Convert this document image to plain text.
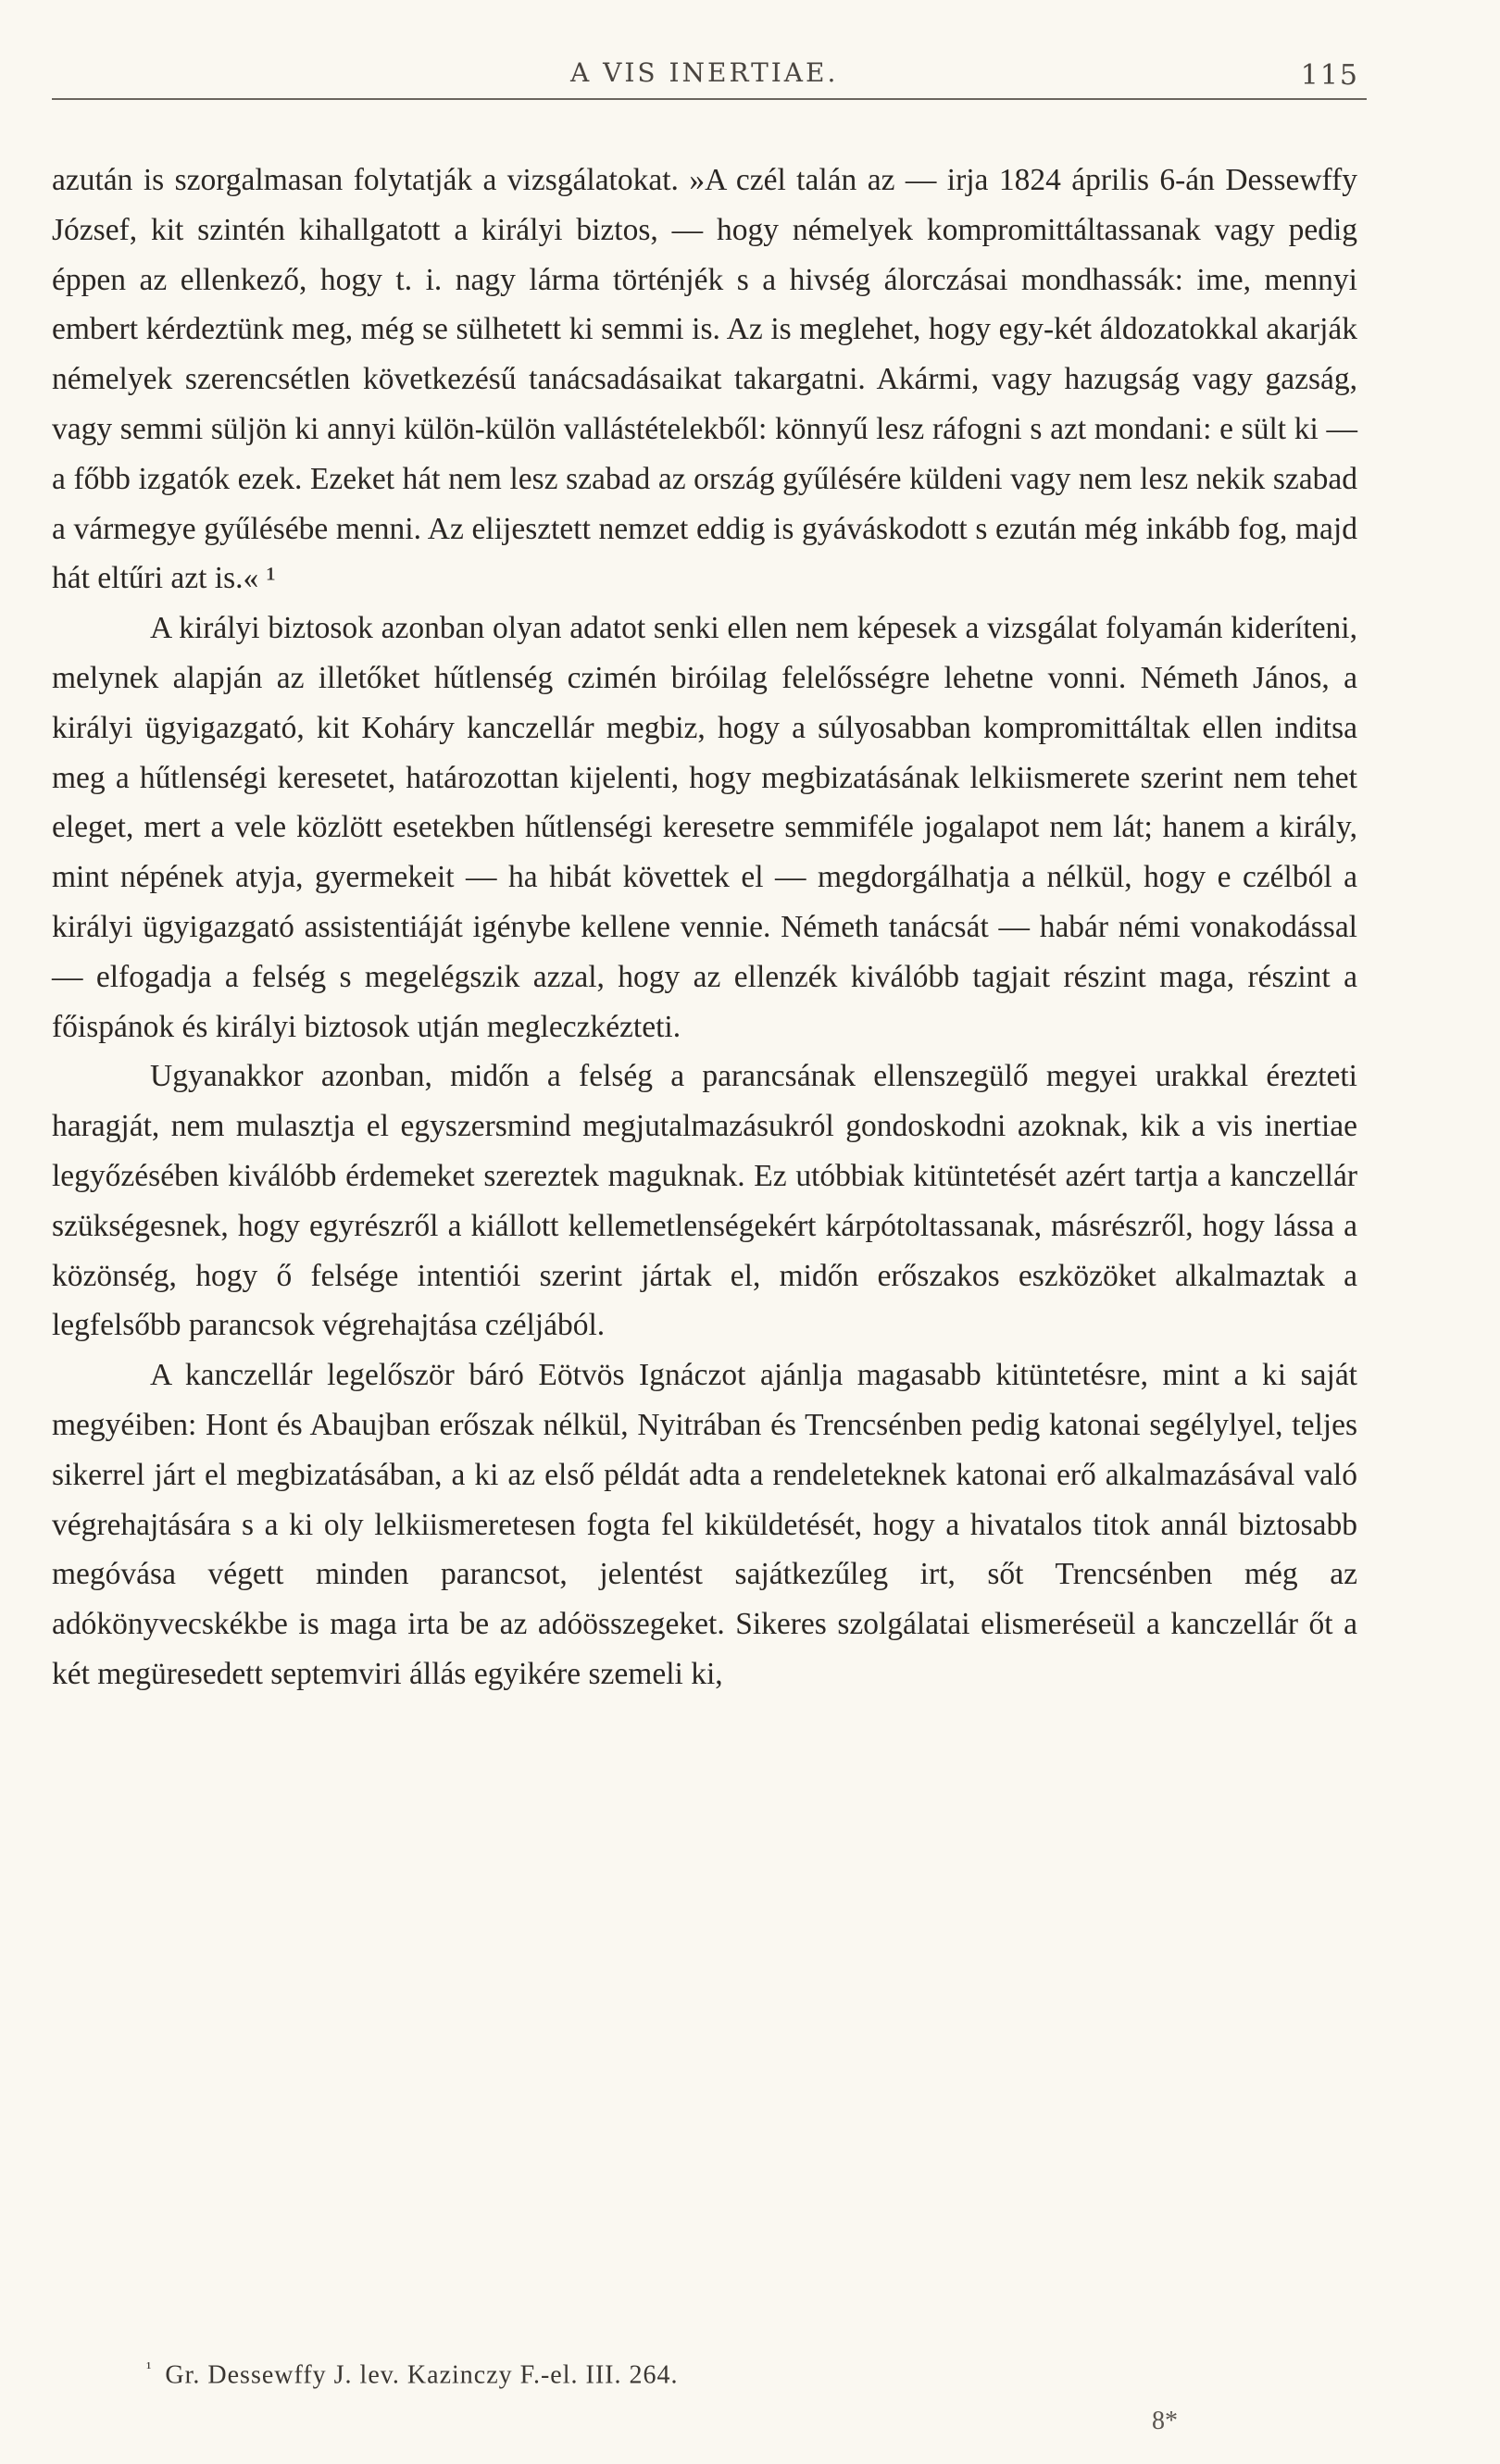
A VIS INERTIAE.	115

azután is szorgalmasan folytatják a vizsgálatokat. »A czél talán az — irja 1824 április 6-án Dessewffy József, kit szintén kihallgatott a királyi biztos, — hogy némelyek kompromittáltassanak vagy pedig éppen az ellenkező, hogy t. i. nagy lárma történjék s a hivség álorczásai mondhassák: ime, mennyi embert kérdeztünk meg, még se sülhetett ki semmi is. Az is meglehet, hogy egy-két áldozatokkal akarják némelyek szerencsétlen következésű tanácsadásaikat takargatni. Akármi, vagy hazugság vagy gazság, vagy semmi süljön ki annyi külön-külön vallástételekből: könnyű lesz ráfogni s azt mondani: e sült ki — a főbb izgatók ezek. Ezeket hát nem lesz szabad az ország gyűlésére küldeni vagy nem lesz nekik szabad a vármegye gyűlésébe menni. Az elijesztett nemzet eddig is gyáváskodott s ezután még inkább fog, majd hát eltűri azt is.« ¹

A királyi biztosok azonban olyan adatot senki ellen nem képesek a vizsgálat folyamán kideríteni, melynek alapján az illetőket hűtlenség czimén biróilag felelősségre lehetne vonni. Németh János, a királyi ügyigazgató, kit Koháry kanczellár megbiz, hogy a súlyosabban kompromittáltak ellen inditsa meg a hűtlenségi keresetet, határozottan kijelenti, hogy megbizatásának lelkiismerete szerint nem tehet eleget, mert a vele közlött esetekben hűtlenségi keresetre semmiféle jogalapot nem lát; hanem a király, mint népének atyja, gyermekeit — ha hibát követtek el — megdorgálhatja a nélkül, hogy e czélból a királyi ügyigazgató assistentiáját igénybe kellene vennie. Németh tanácsát — habár némi vonakodással — elfogadja a felség s megelégszik azzal, hogy az ellenzék kiválóbb tagjait részint maga, részint a főispánok és királyi biztosok utján megleczkézteti.

Ugyanakkor azonban, midőn a felség a parancsának ellenszegülő megyei urakkal érezteti haragját, nem mulasztja el egyszersmind megjutalmazásukról gondoskodni azoknak, kik a vis inertiae legyőzésében kiválóbb érdemeket szereztek maguknak. Ez utóbbiak kitüntetését azért tartja a kanczellár szükségesnek, hogy egyrészről a kiállott kellemetlenségekért kárpótoltassanak, másrészről, hogy lássa a közönség, hogy ő felsége intentiói szerint jártak el, midőn erőszakos eszközöket alkalmaztak a legfelsőbb parancsok végrehajtása czéljából.

A kanczellár legelőször báró Eötvös Ignáczot ajánlja magasabb kitüntetésre, mint a ki saját megyéiben: Hont és Abaujban erőszak nélkül, Nyitrában és Trencsénben pedig katonai segélylyel, teljes sikerrel járt el megbizatásában, a ki az első példát adta a rendeleteknek katonai erő alkalmazásával való végrehajtására s a ki oly lelkiismeretesen fogta fel kiküldetését, hogy a hivatalos titok annál biztosabb megóvása végett minden parancsot, jelentést sajátkezűleg irt, sőt Trencsénben még az adókönyvecskékbe is maga irta be az adóösszegeket. Sikeres szolgálatai elismeréseül a kanczellár őt a két megüresedett septemviri állás egyikére szemeli ki,

$^{^1}$ Gr. Dessewffy J. lev. Kazinczy F.-el. III. 264.
8*
